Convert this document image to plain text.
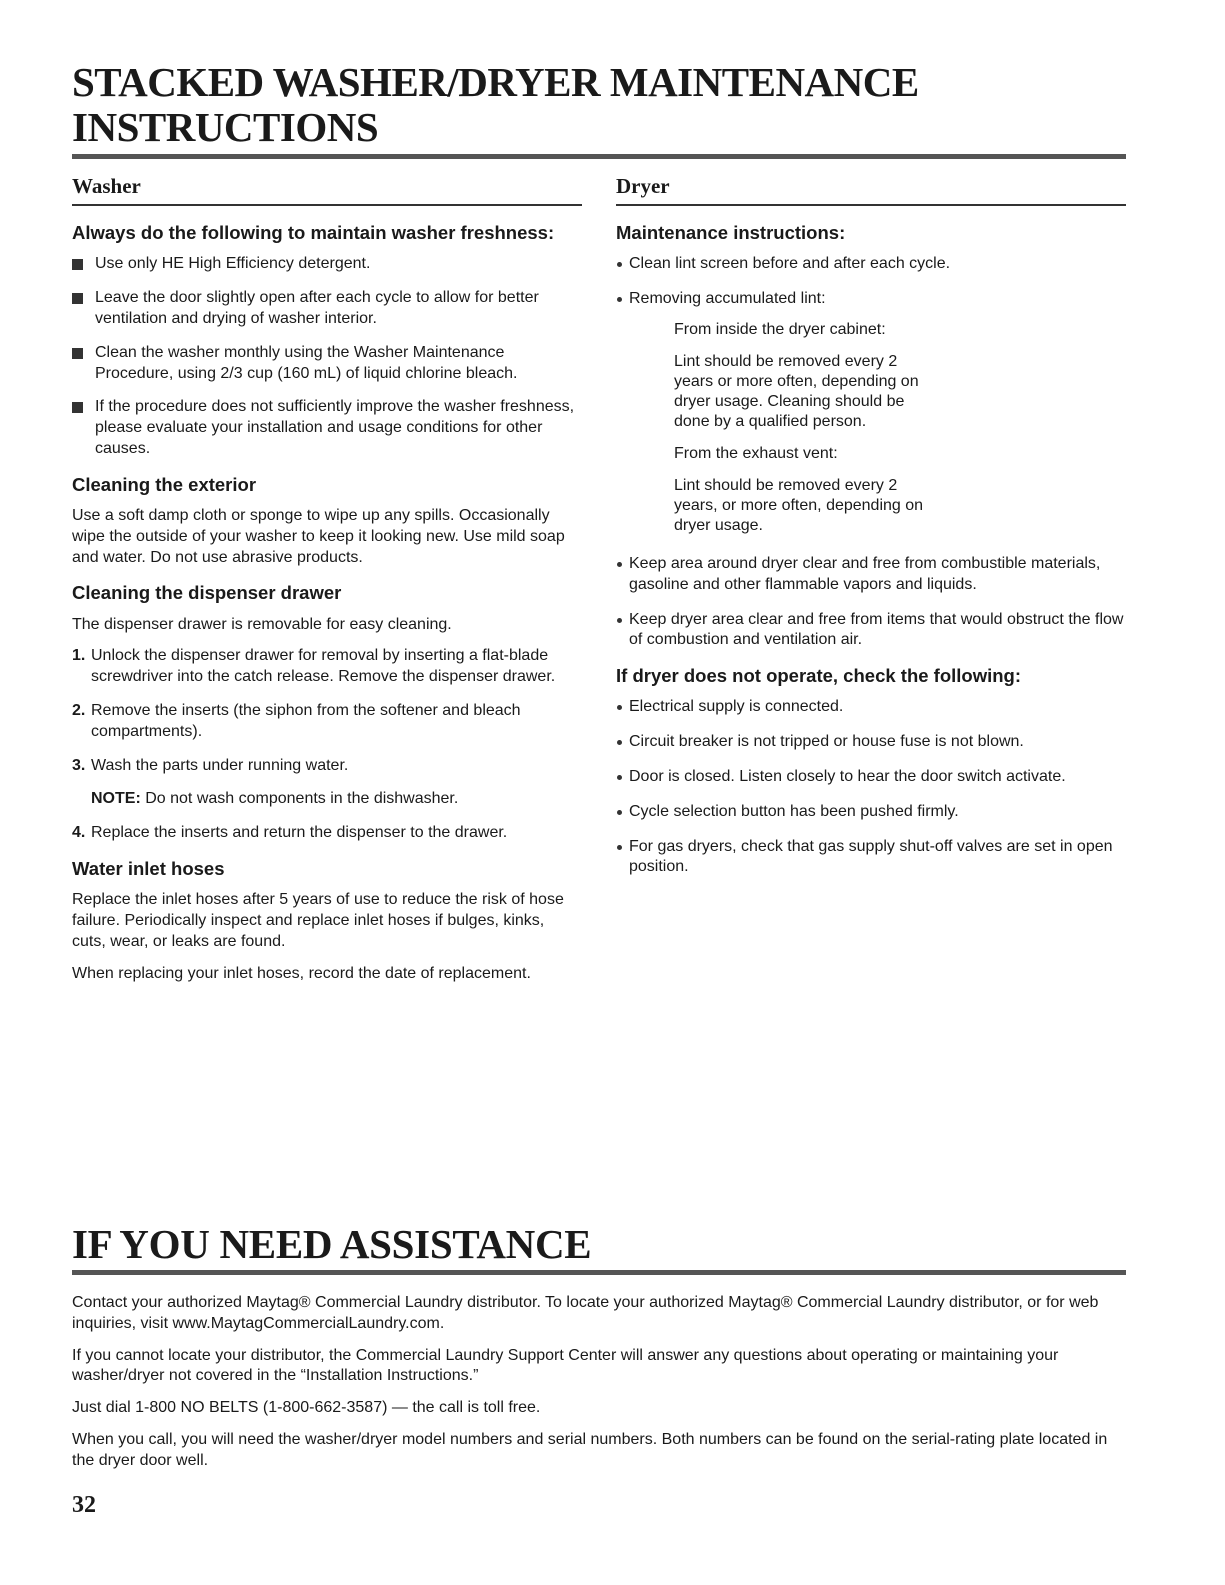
STACKED WASHER/DRYER MAINTENANCE INSTRUCTIONS
Washer
Always do the following to maintain washer freshness:
Use only HE High Efficiency detergent.
Leave the door slightly open after each cycle to allow for better ventilation and drying of washer interior.
Clean the washer monthly using the Washer Maintenance Procedure, using 2/3 cup (160 mL) of liquid chlorine bleach.
If the procedure does not sufficiently improve the washer freshness, please evaluate your installation and usage conditions for other causes.
Cleaning the exterior

Use a soft damp cloth or sponge to wipe up any spills. Occasionally wipe the outside of your washer to keep it looking new. Use mild soap and water. Do not use abrasive products.

Cleaning the dispenser drawer

The dispenser drawer is removable for easy cleaning.

1. Unlock the dispenser drawer for removal by inserting a flat-blade screwdriver into the catch release. Remove the dispenser drawer.
2. Remove the inserts (the siphon from the softener and bleach compartments).
3. Wash the parts under running water.

NOTE: Do not wash components in the dishwasher.

4. Replace the inserts and return the dispenser to the drawer.
Water inlet hoses

Replace the inlet hoses after 5 years of use to reduce the risk of hose failure. Periodically inspect and replace inlet hoses if bulges, kinks, cuts, wear, or leaks are found.

When replacing your inlet hoses, record the date of replacement.

Dryer
Maintenance instructions:
Clean lint screen before and after each cycle.
Removing accumulated lint:
From inside the dryer cabinet:
Lint should be removed every 2 years or more often, depending on dryer usage. Cleaning should be done by a qualified person.
From the exhaust vent:
Lint should be removed every 2 years, or more often, depending on dryer usage.
Keep area around dryer clear and free from combustible materials, gasoline and other flammable vapors and liquids.
Keep dryer area clear and free from items that would obstruct the flow of combustion and ventilation air.
If dryer does not operate, check the following:
Electrical supply is connected.
Circuit breaker is not tripped or house fuse is not blown.
Door is closed. Listen closely to hear the door switch activate.
Cycle selection button has been pushed firmly.
For gas dryers, check that gas supply shut-off valves are set in open position.
IF YOU NEED ASSISTANCE

Contact your authorized Maytag® Commercial Laundry distributor. To locate your authorized Maytag® Commercial Laundry distributor, or for web inquiries, visit www.MaytagCommercialLaundry.com.

If you cannot locate your distributor, the Commercial Laundry Support Center will answer any questions about operating or maintaining your washer/dryer not covered in the “Installation Instructions.”

Just dial 1-800 NO BELTS (1-800-662-3587) — the call is toll free.

When you call, you will need the washer/dryer model numbers and serial numbers. Both numbers can be found on the serial-rating plate located in the dryer door well.

32
